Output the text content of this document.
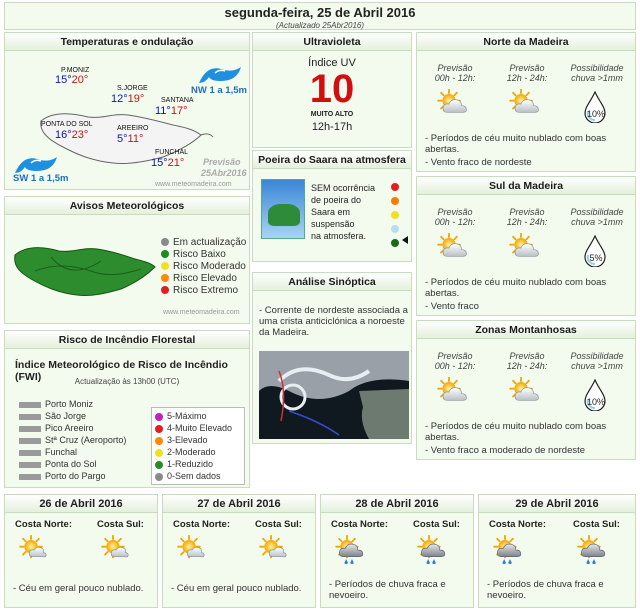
segunda-feira, 25 de Abril 2016
(Actualizado 25Abr2016)
Temperaturas e ondulação
NW 1 a 1,5m
SW 1 a 1,5m
P.MONIZ
15°20°
S.JORGE
12°19° SANTANA
11°17°
PONTA DO SOL
16°23°
AREEIRO
5°11°
FUNCHAL
15°21° Previsão
25Abr2016
www.meteomadeira.com
Ultravioleta
Índice UV
10
MUITO ALTO
12h-17h
Poeira do Saara na atmosfera
SEM ocorrência
de poeira do
Saara em
suspensão
na atmosfera.
Avisos Meteorológicos
Em actualização
Risco Baixo
Risco Moderado
Risco Elevado
Risco Extremo
www.meteomadeira.com
Análise Sinóptica
- Corrente de nordeste associada a uma crista anticiclónica a noroeste da Madeira.
Risco de Incêndio Florestal
Índice Meteorológico de Risco de Incêndio (FWI)	Actualização às 13h00 (UTC)
Porto Moniz
São Jorge
Pico Areeiro
Stª Cruz (Aeroporto)
Funchal
Ponta do Sol
Porto do Pargo
5-Máximo
4-Muito Elevado
3-Elevado
2-Moderado
1-Reduzido
0-Sem dados
Norte da Madeira
Previsão
00h - 12h:
Previsão
12h - 24h:
Possibilidade
chuva >1mm
10%
- Períodos de céu muito nublado com boas abertas.
- Vento fraco de nordeste
Sul da Madeira
Previsão
00h - 12h:
Previsão
12h - 24h:
Possibilidade
chuva >1mm
5%
- Períodos de céu muito nublado com boas abertas.
- Vento fraco
Zonas Montanhosas
Previsão
00h - 12h:
Previsão
12h - 24h:
Possibilidade
chuva >1mm
10%
- Períodos de céu muito nublado com boas abertas.
- Vento fraco a moderado de nordeste
26 de Abril 2016
Costa Norte:	Costa Sul:
- Céu em geral pouco nublado.
27 de Abril 2016
Costa Norte:	Costa Sul:
- Céu em geral pouco nublado.
28 de Abril 2016
Costa Norte:	Costa Sul:
- Períodos de chuva fraca e nevoeiro.
29 de Abril 2016
Costa Norte:	Costa Sul:
- Períodos de chuva fraca e nevoeiro.
